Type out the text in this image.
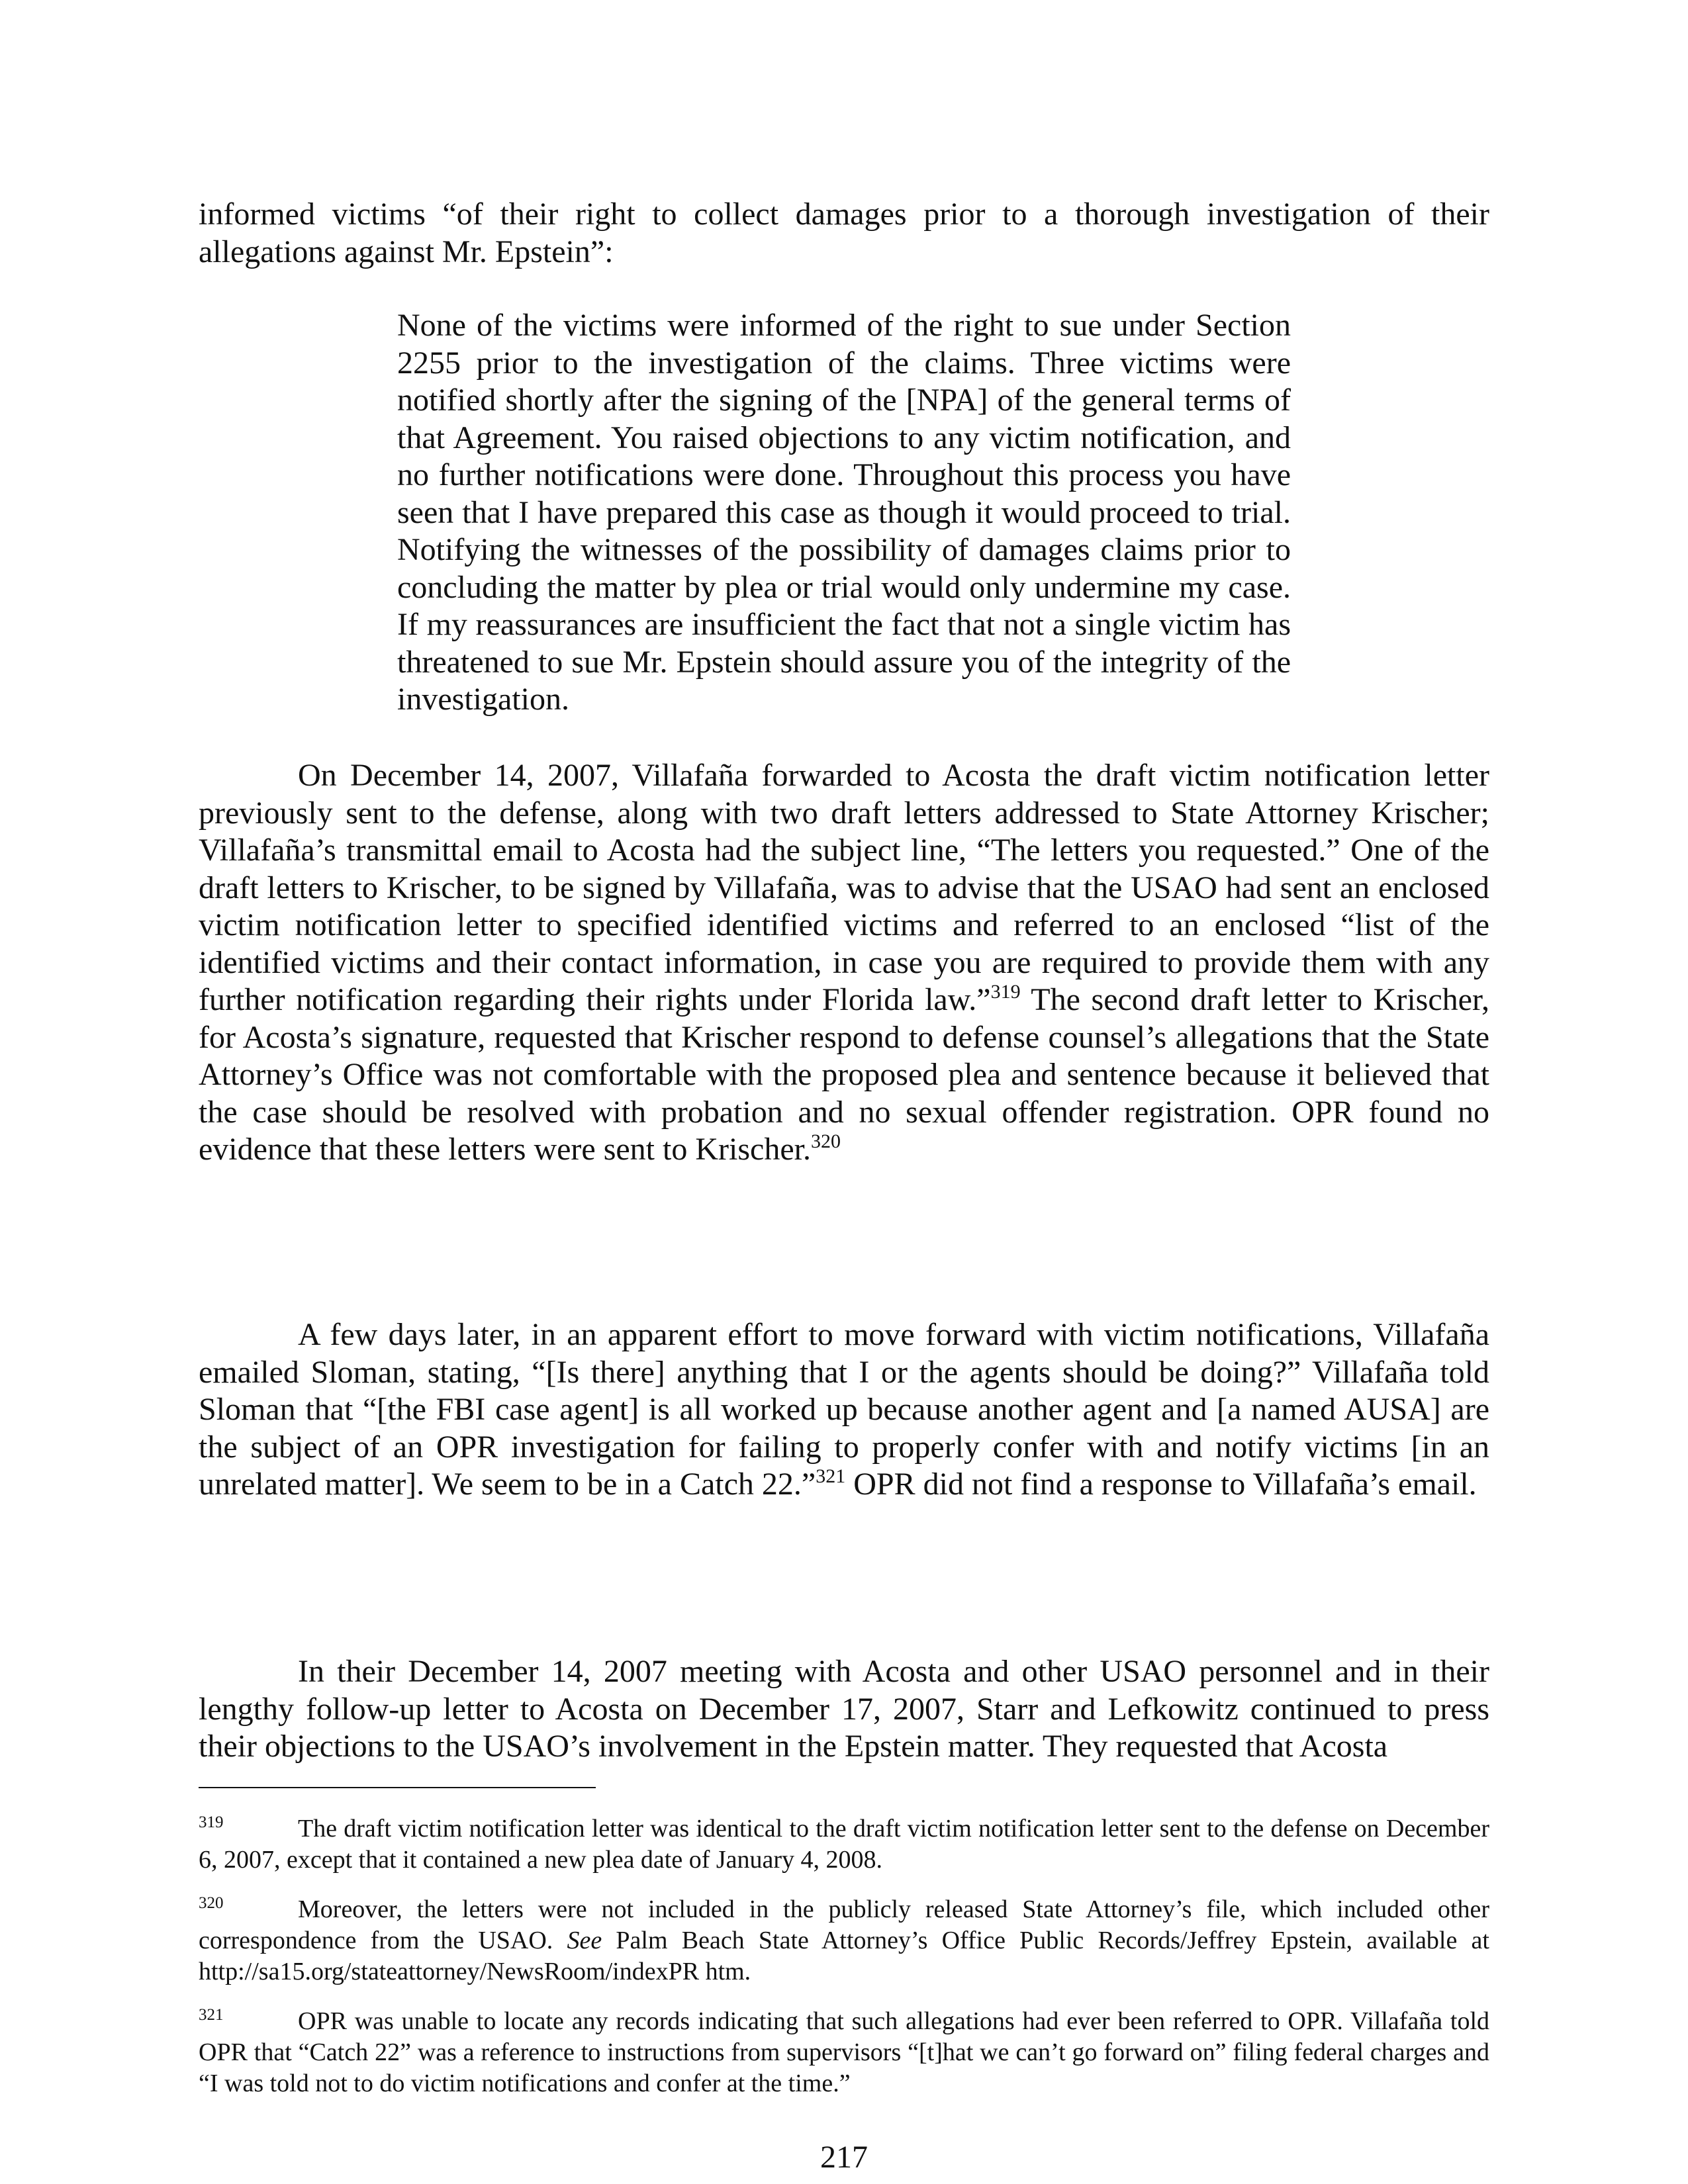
informed victims “of their right to collect damages prior to a thorough investigation of their allegations against Mr. Epstein”:

None of the victims were informed of the right to sue under Section 2255 prior to the investigation of the claims. Three victims were notified shortly after the signing of the [NPA] of the general terms of that Agreement. You raised objections to any victim notification, and no further notifications were done. Throughout this process you have seen that I have prepared this case as though it would proceed to trial. Notifying the witnesses of the possibility of damages claims prior to concluding the matter by plea or trial would only undermine my case. If my reassurances are insufficient the fact that not a single victim has threatened to sue Mr. Epstein should assure you of the integrity of the investigation.

On December 14, 2007, Villafaña forwarded to Acosta the draft victim notification letter previously sent to the defense, along with two draft letters addressed to State Attorney Krischer; Villafaña’s transmittal email to Acosta had the subject line, “The letters you requested.” One of the draft letters to Krischer, to be signed by Villafaña, was to advise that the USAO had sent an enclosed victim notification letter to specified identified victims and referred to an enclosed “list of the identified victims and their contact information, in case you are required to provide them with any further notification regarding their rights under Florida law.”$^{319}$ The second draft letter to Krischer, for Acosta’s signature, requested that Krischer respond to defense counsel’s allegations that the State Attorney’s Office was not comfortable with the proposed plea and sentence because it believed that the case should be resolved with probation and no sexual offender registration. OPR found no evidence that these letters were sent to Krischer.$^{320}$

A few days later, in an apparent effort to move forward with victim notifications, Villafaña emailed Sloman, stating, “[Is there] anything that I or the agents should be doing?” Villafaña told Sloman that “[the FBI case agent] is all worked up because another agent and [a named AUSA] are the subject of an OPR investigation for failing to properly confer with and notify victims [in an unrelated matter]. We seem to be in a Catch 22.”$^{321}$ OPR did not find a response to Villafaña’s email.

In their December 14, 2007 meeting with Acosta and other USAO personnel and in their lengthy follow-up letter to Acosta on December 17, 2007, Starr and Lefkowitz continued to press their objections to the USAO’s involvement in the Epstein matter. They requested that Acosta

319	The draft victim notification letter was identical to the draft victim notification letter sent to the defense on December 6, 2007, except that it contained a new plea date of January 4, 2008.

320	Moreover, the letters were not included in the publicly released State Attorney’s file, which included other correspondence from the USAO. See Palm Beach State Attorney’s Office Public Records/Jeffrey Epstein, available at http://sa15.org/stateattorney/NewsRoom/indexPR htm.

321	OPR was unable to locate any records indicating that such allegations had ever been referred to OPR. Villafaña told OPR that “Catch 22” was a reference to instructions from supervisors “[t]hat we can’t go forward on” filing federal charges and “I was told not to do victim notifications and confer at the time.”

217
